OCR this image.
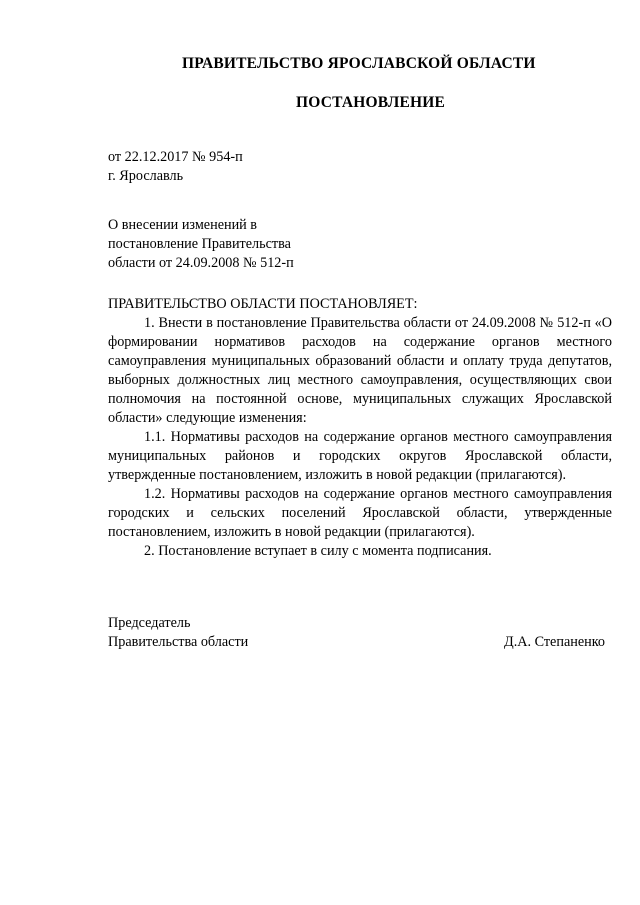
ПРАВИТЕЛЬСТВО ЯРОСЛАВСКОЙ ОБЛАСТИ
ПОСТАНОВЛЕНИЕ
от 22.12.2017 № 954-п
г. Ярославль
О внесении изменений в
постановление Правительства
области от 24.09.2008 № 512-п
ПРАВИТЕЛЬСТВО ОБЛАСТИ ПОСТАНОВЛЯЕТ:

1. Внести в постановление Правительства области от 24.09.2008 № 512-п «О формировании нормативов расходов на содержание органов местного самоуправления муниципальных образований области и оплату труда депутатов, выборных должностных лиц местного самоуправления, осуществляющих свои полномочия на постоянной основе, муниципальных служащих Ярославской области» следующие изменения:

1.1. Нормативы расходов на содержание органов местного самоуправления муниципальных районов и городских округов Ярославской области, утвержденные постановлением, изложить в новой редакции (прилагаются).

1.2. Нормативы расходов на содержание органов местного самоуправления городских и сельских поселений Ярославской области, утвержденные постановлением, изложить в новой редакции (прилагаются).

2. Постановление вступает в силу с момента подписания.

Председатель
Правительства области	Д.А. Степаненко
